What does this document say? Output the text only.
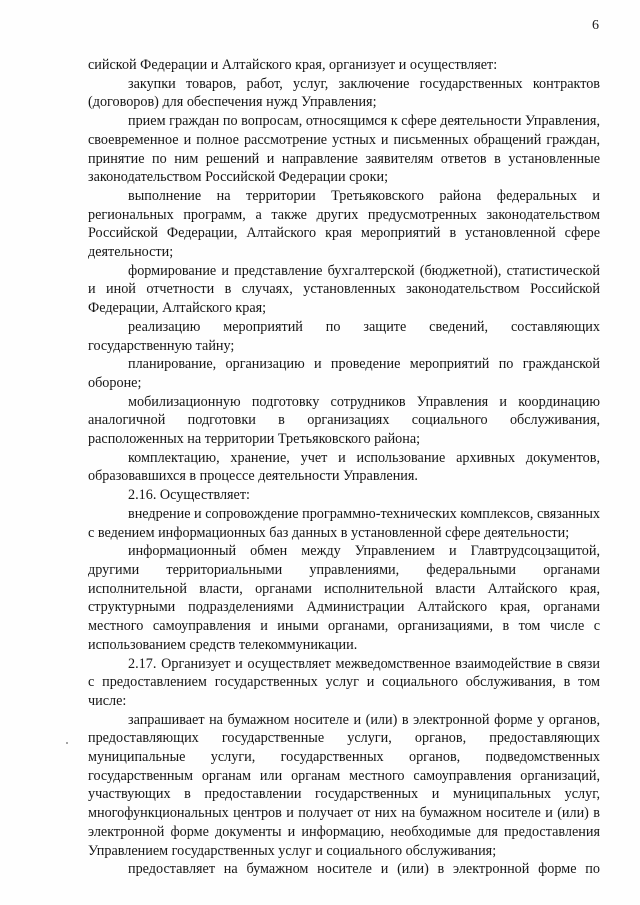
6

сийской Федерации и Алтайского края, организует и осуществляет:

закупки товаров, работ, услуг, заключение государственных контрактов (договоров) для обеспечения нужд Управления;

прием граждан по вопросам, относящимся к сфере деятельности Управления, своевременное и полное рассмотрение устных и письменных обращений граждан, принятие по ним решений и направление заявителям ответов в установленные законодательством Российской Федерации сроки;

выполнение на территории Третьяковского района федеральных и региональных программ, а также других предусмотренных законодательством Российской Федерации, Алтайского края мероприятий в установленной сфере деятельности;

формирование и представление бухгалтерской (бюджетной), статистической и иной отчетности в случаях, установленных законодательством Российской Федерации, Алтайского края;

реализацию мероприятий по защите сведений, составляющих государственную тайну;

планирование, организацию и проведение мероприятий по гражданской обороне;

мобилизационную подготовку сотрудников Управления и координацию аналогичной подготовки в организациях социального обслуживания, расположенных на территории Третьяковского района;

комплектацию, хранение, учет и использование архивных документов, образовавшихся в процессе деятельности Управления.

2.16. Осуществляет:

внедрение и сопровождение программно-технических комплексов, связанных с ведением информационных баз данных в установленной сфере деятельности;

информационный обмен между Управлением и Главтрудсоцзащитой, другими территориальными управлениями, федеральными органами исполнительной власти, органами исполнительной власти Алтайского края, структурными подразделениями Администрации Алтайского края, органами местного самоуправления и иными органами, организациями, в том числе с использованием средств телекоммуникации.

2.17. Организует и осуществляет межведомственное взаимодействие в связи с предоставлением государственных услуг и социального обслуживания, в том числе:

запрашивает на бумажном носителе и (или) в электронной форме у органов, предоставляющих государственные услуги, органов, предоставляющих муниципальные услуги, государственных органов, подведомственных государственным органам или органам местного самоуправления организаций, участвующих в предоставлении государственных и муниципальных услуг, многофункциональных центров и получает от них на бумажном носителе и (или) в электронной форме документы и информацию, необходимые для предоставления Управлением государственных услуг и социального обслуживания;

предоставляет на бумажном носителе и (или) в электронной форме по
